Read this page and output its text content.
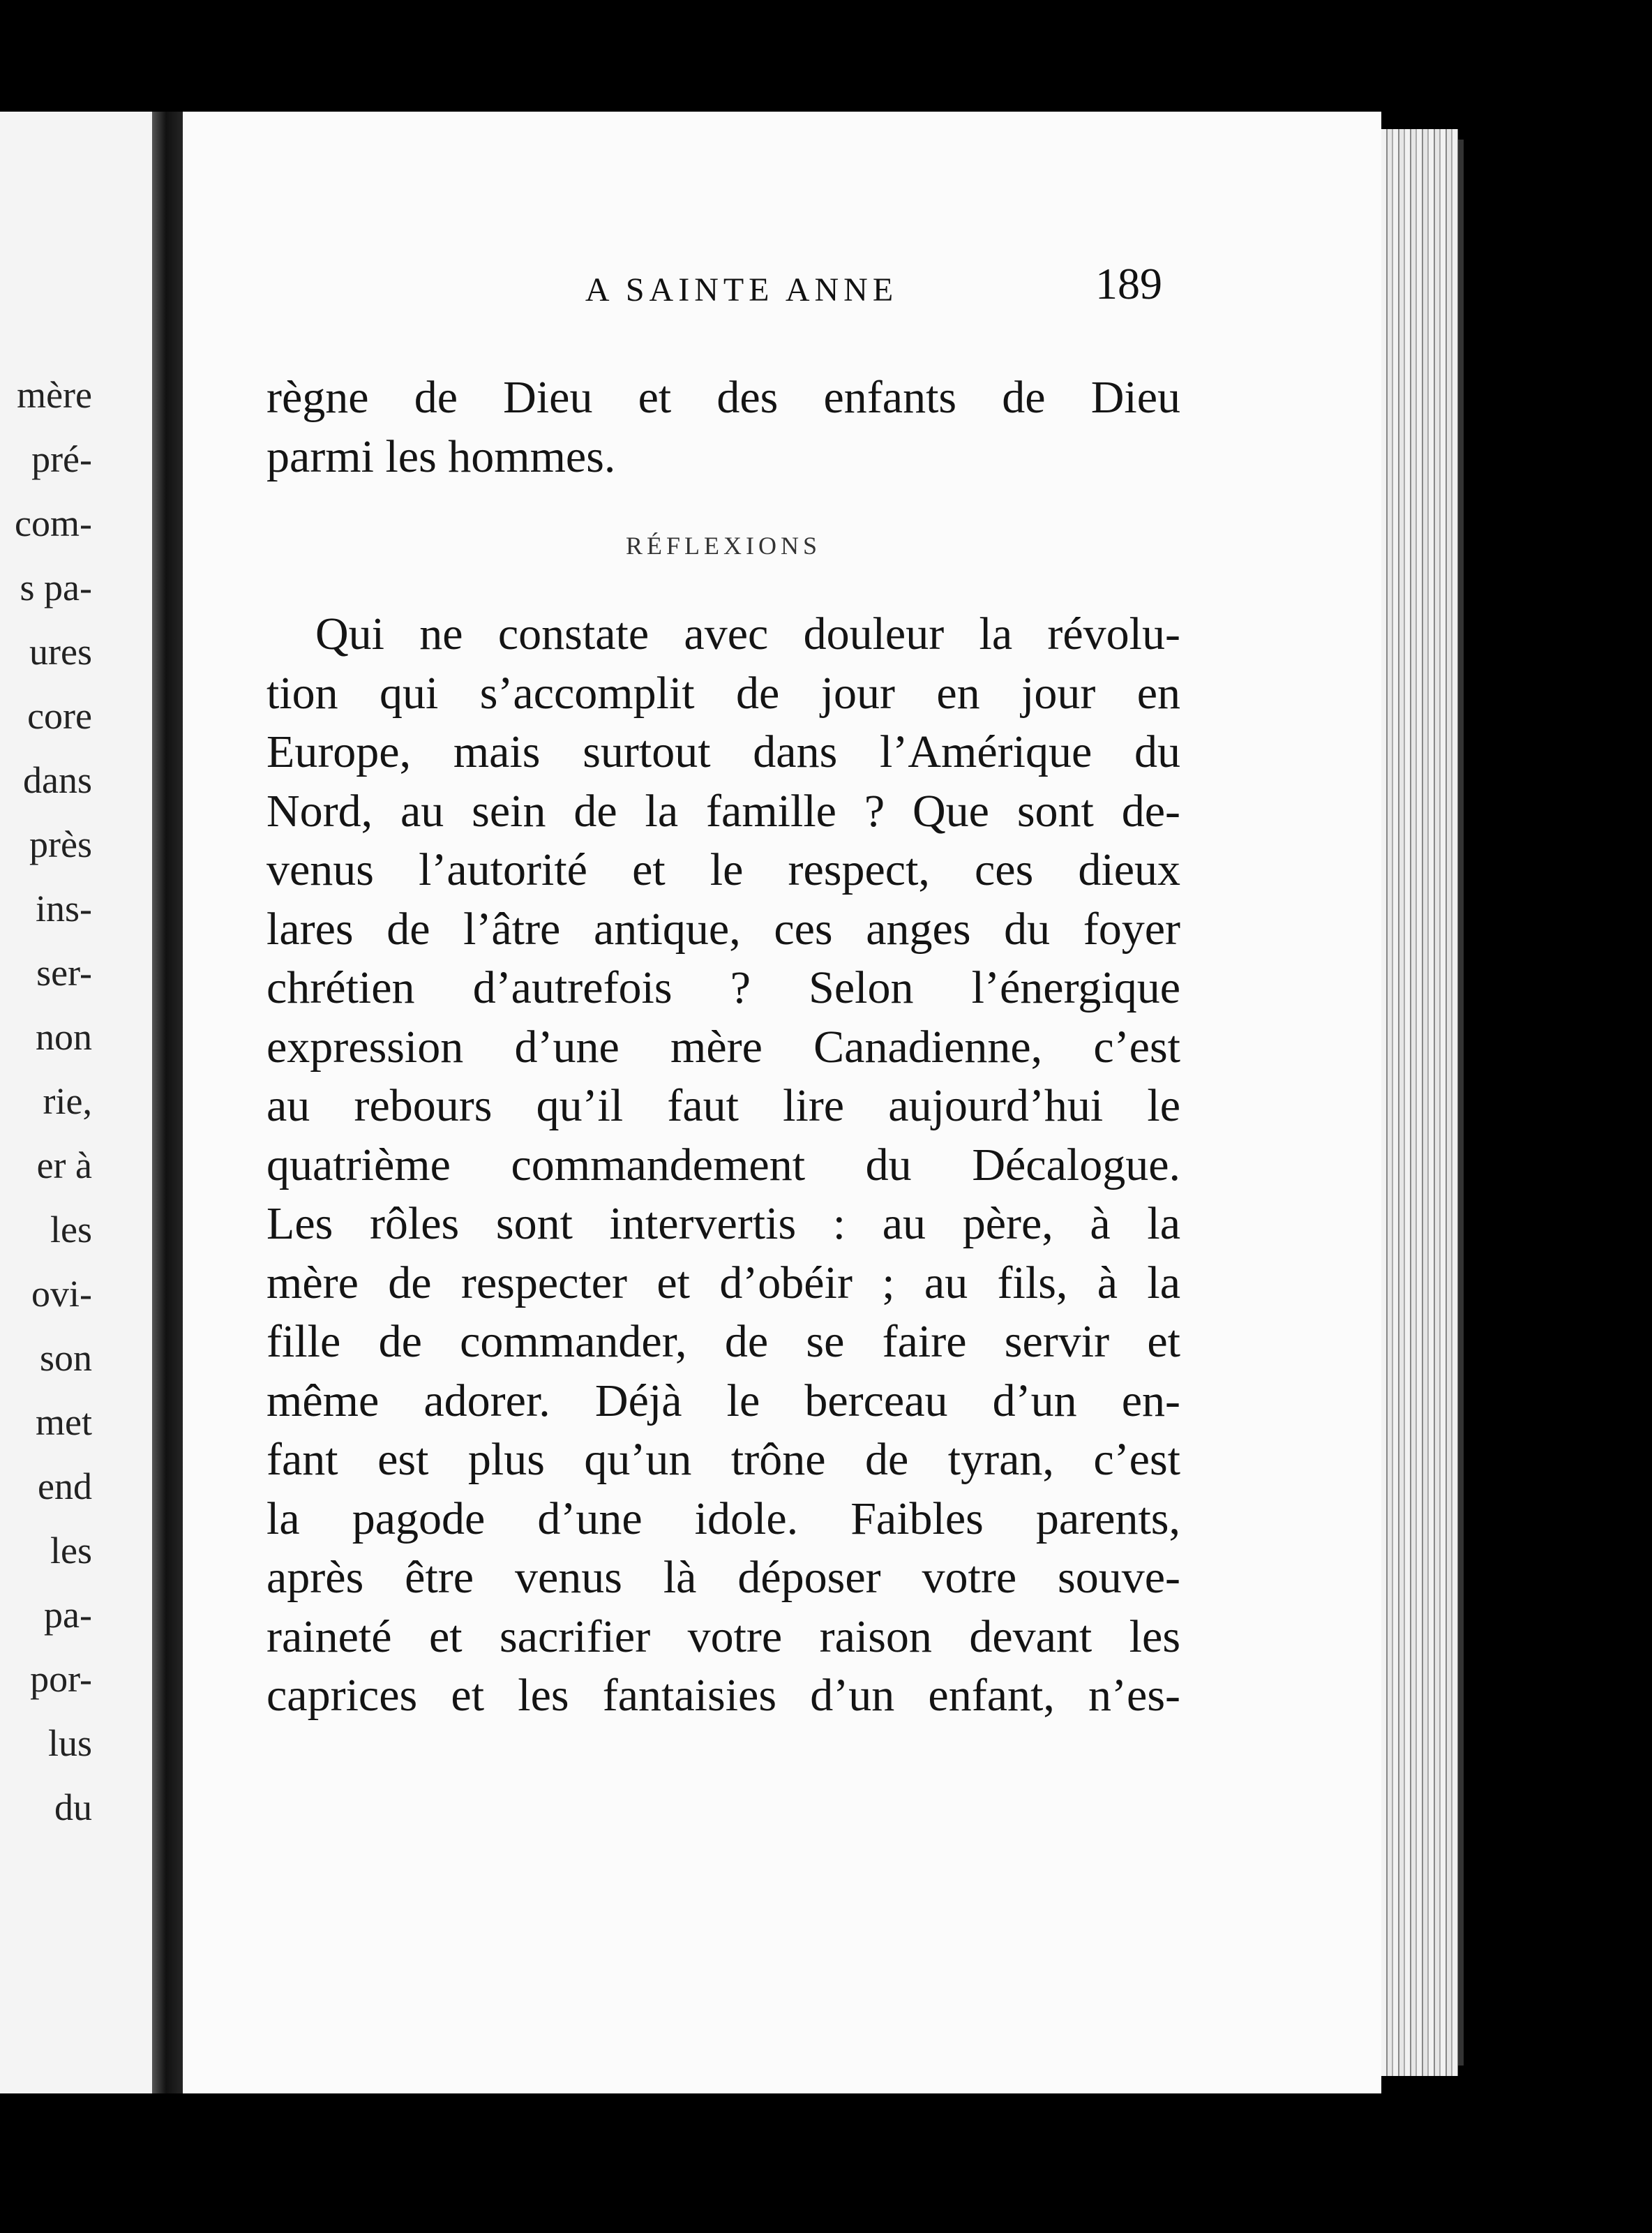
mère
pré-
com-
s pa-
ures
core
dans
près
ins-
ser-
non
rie,
er à
les
ovi-
son
met
end
les
pa-
por-
lus
du
A SAINTE ANNE	189
règne de Dieu et des enfants de Dieu
parmi les hommes.
RÉFLEXIONS
Qui ne constate avec douleur la révolu-
tion qui s’accomplit de jour en jour en
Europe, mais surtout dans l’Amérique du
Nord, au sein de la famille ? Que sont de-
venus l’autorité et le respect, ces dieux
lares de l’âtre antique, ces anges du foyer
chrétien d’autrefois ? Selon l’énergique
expression d’une mère Canadienne, c’est
au rebours qu’il faut lire aujourd’hui le
quatrième commandement du Décalogue.
Les rôles sont intervertis : au père, à la
mère de respecter et d’obéir ; au fils, à la
fille de commander, de se faire servir et
même adorer. Déjà le berceau d’un en-
fant est plus qu’un trône de tyran, c’est
la pagode d’une idole. Faibles parents,
après être venus là déposer votre souve-
raineté et sacrifier votre raison devant les
caprices et les fantaisies d’un enfant, n’es-
